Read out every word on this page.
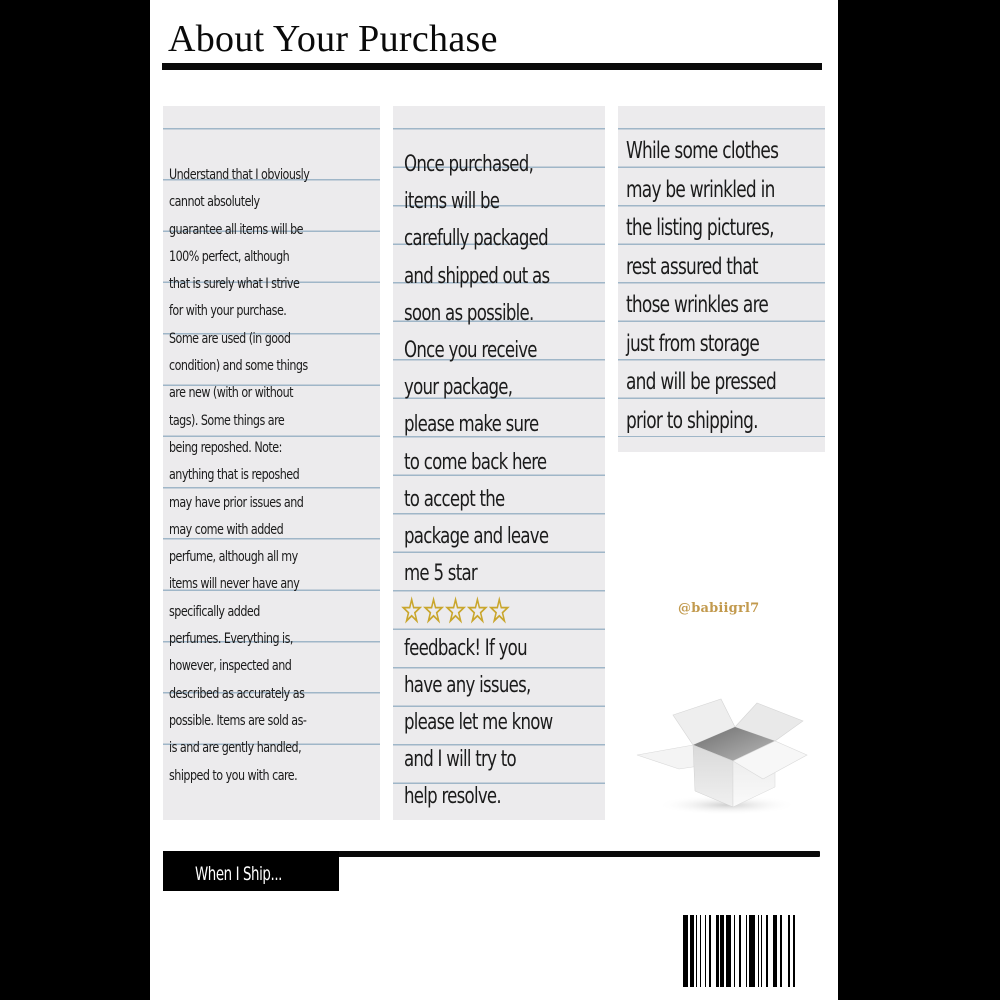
About Your Purchase
Understand that I obviously
cannot absolutely
guarantee all items will be
100% perfect, although
that is surely what I strive
for with your purchase.
Some are used (in good
condition) and some things
are new (with or without
tags). Some things are
being reposhed. Note:
anything that is reposhed
may have prior issues and
may come with added
perfume, although all my
items will never have any
specifically added
perfumes. Everything is,
however, inspected and
described as accurately as
possible. Items are sold as-
is and are gently handled,
shipped to you with care.
Once purchased,
items will be
carefully packaged
and shipped out as
soon as possible.
Once you receive
your package,
please make sure
to come back here
to accept the
package and leave
me 5 star
☆ ☆ ☆ ☆ ☆
feedback! If you
have any issues,
please let me know
and I will try to
help resolve.
While some clothes
may be wrinkled in
the listing pictures,
rest assured that
those wrinkles are
just from storage
and will be pressed
prior to shipping.
@babiigrl7
When I Ship...
